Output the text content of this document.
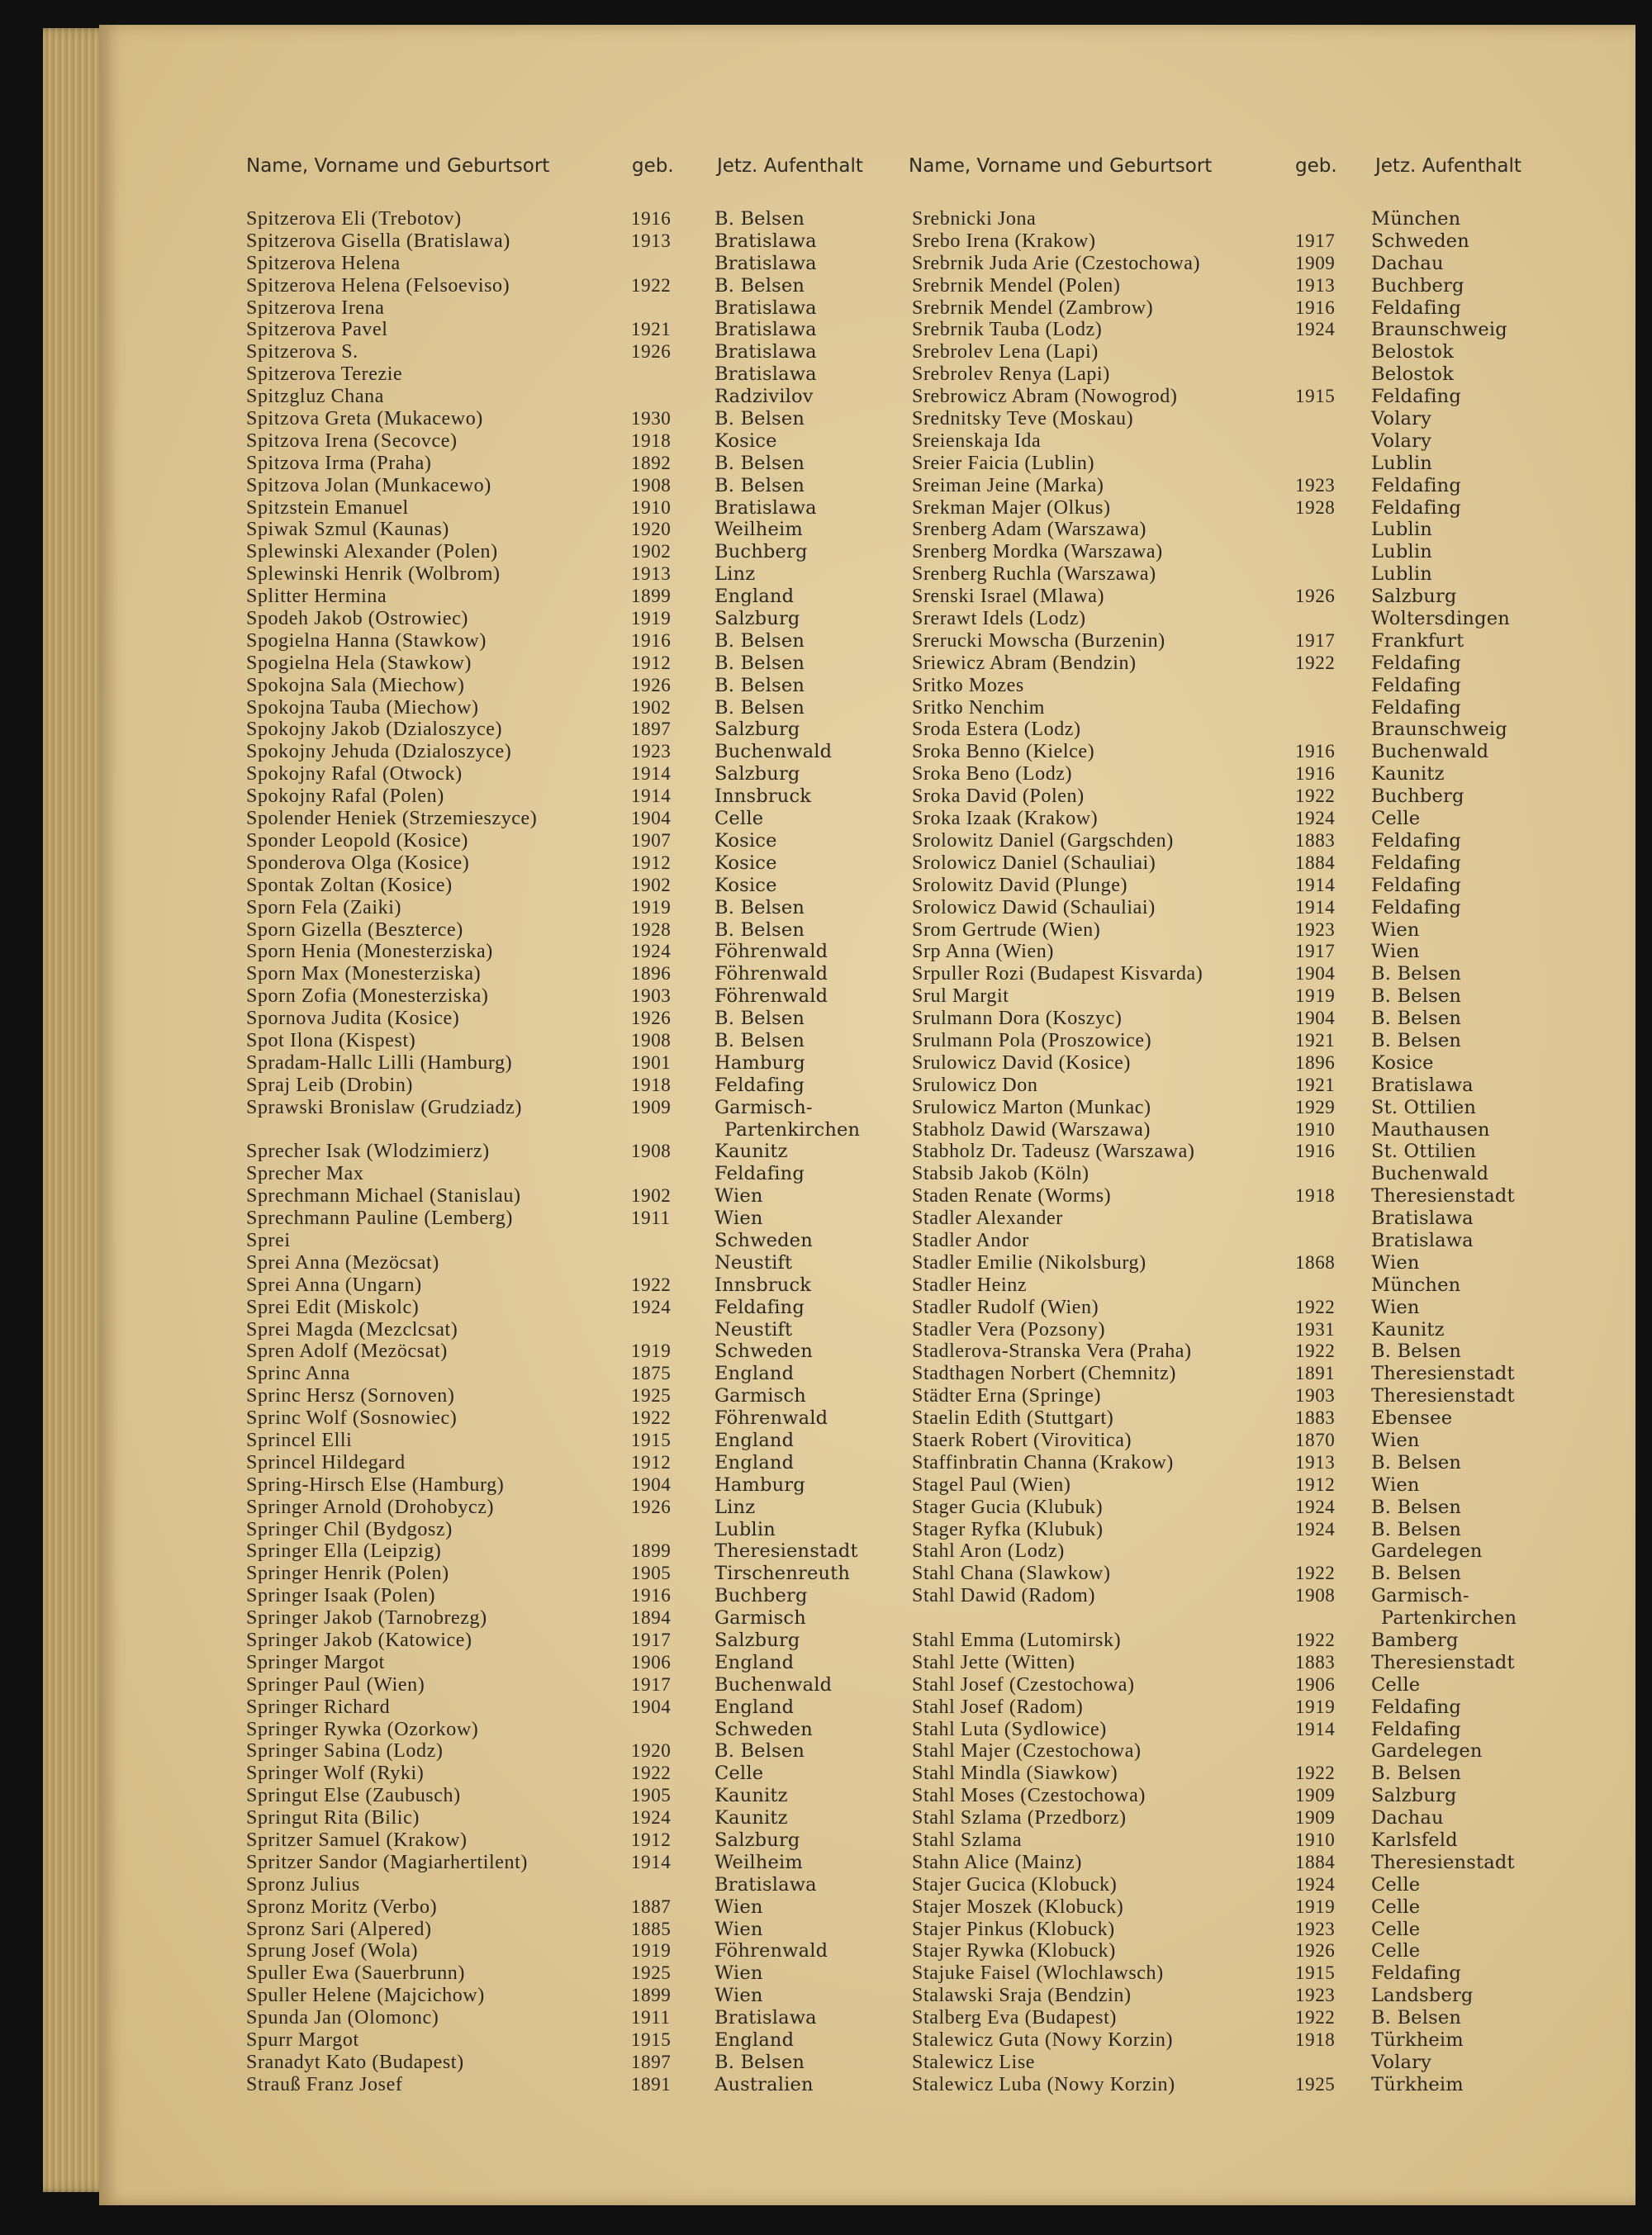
Name, Vorname und Geburtsort	geb. Jetz. Aufenthalt Name, Vorname und Geburtsort	geb. Jetz. Aufenthalt
Spitzerova Eli (Trebotov)	1916 B. Belsen
Spitzerova Gisella (Bratislawa)	1913 Bratislawa
Spitzerova Helena	Bratislawa
Spitzerova Helena (Felsoeviso)	1922 B. Belsen
Spitzerova Irena	Bratislawa
Spitzerova Pavel	1921 Bratislawa
Spitzerova S.	1926 Bratislawa
Spitzerova Terezie	Bratislawa
Spitzgluz Chana	Radzivilov
Spitzova Greta (Mukacewo)	1930 B. Belsen
Spitzova Irena (Secovce)	1918 Kosice
Spitzova Irma (Praha)	1892 B. Belsen
Spitzova Jolan (Munkacewo)	1908 B. Belsen
Spitzstein Emanuel	1910 Bratislawa
Spiwak Szmul (Kaunas)	1920 Weilheim
Splewinski Alexander (Polen)	1902 Buchberg
Splewinski Henrik (Wolbrom)	1913 Linz
Splitter Hermina	1899 England
Spodeh Jakob (Ostrowiec)	1919 Salzburg
Spogielna Hanna (Stawkow)	1916 B. Belsen
Spogielna Hela (Stawkow)	1912 B. Belsen
Spokojna Sala (Miechow)	1926 B. Belsen
Spokojna Tauba (Miechow)	1902 B. Belsen
Spokojny Jakob (Dzialoszyce)	1897 Salzburg
Spokojny Jehuda (Dzialoszyce)	1923 Buchenwald
Spokojny Rafal (Otwock)	1914 Salzburg
Spokojny Rafal (Polen)	1914 Innsbruck
Spolender Heniek (Strzemieszyce)	1904 Celle
Sponder Leopold (Kosice)	1907 Kosice
Sponderova Olga (Kosice)	1912 Kosice
Spontak Zoltan (Kosice)	1902 Kosice
Sporn Fela (Zaiki)	1919 B. Belsen
Sporn Gizella (Beszterce)	1928 B. Belsen
Sporn Henia (Monesterziska)	1924 Föhrenwald
Sporn Max (Monesterziska)	1896 Föhrenwald
Sporn Zofia (Monesterziska)	1903 Föhrenwald
Spornova Judita (Kosice)	1926 B. Belsen
Spot Ilona (Kispest)	1908 B. Belsen
Spradam-Hallc Lilli (Hamburg)	1901 Hamburg
Spraj Leib (Drobin)	1918 Feldafing
Sprawski Bronislaw (Grudziadz)	1909 Garmisch-
Partenkirchen
Sprecher Isak (Wlodzimierz)	1908 Kaunitz
Sprecher Max	Feldafing
Sprechmann Michael (Stanislau)	1902 Wien
Sprechmann Pauline (Lemberg)	1911 Wien
Sprei	Schweden
Sprei Anna (Mezöcsat)	Neustift
Sprei Anna (Ungarn)	1922 Innsbruck
Sprei Edit (Miskolc)	1924 Feldafing
Sprei Magda (Mezclcsat)	Neustift
Spren Adolf (Mezöcsat)	1919 Schweden
Sprinc Anna	1875 England
Sprinc Hersz (Sornoven)	1925 Garmisch
Sprinc Wolf (Sosnowiec)	1922 Föhrenwald
Sprincel Elli	1915 England
Sprincel Hildegard	1912 England
Spring-Hirsch Else (Hamburg)	1904 Hamburg
Springer Arnold (Drohobycz)	1926 Linz
Springer Chil (Bydgosz)	Lublin
Springer Ella (Leipzig)	1899 Theresienstadt
Springer Henrik (Polen)	1905 Tirschenreuth
Springer Isaak (Polen)	1916 Buchberg
Springer Jakob (Tarnobrezg)	1894 Garmisch
Springer Jakob (Katowice)	1917 Salzburg
Springer Margot	1906 England
Springer Paul (Wien)	1917 Buchenwald
Springer Richard	1904 England
Springer Rywka (Ozorkow)	Schweden
Springer Sabina (Lodz)	1920 B. Belsen
Springer Wolf (Ryki)	1922 Celle
Springut Else (Zaubusch)	1905 Kaunitz
Springut Rita (Bilic)	1924 Kaunitz
Spritzer Samuel (Krakow)	1912 Salzburg
Spritzer Sandor (Magiarhertilent)	1914 Weilheim
Spronz Julius	Bratislawa
Spronz Moritz (Verbo)	1887 Wien
Spronz Sari (Alpered)	1885 Wien
Sprung Josef (Wola)	1919 Föhrenwald
Spuller Ewa (Sauerbrunn)	1925 Wien
Spuller Helene (Majcichow)	1899 Wien
Spunda Jan (Olomonc)	1911 Bratislawa
Spurr Margot	1915 England
Sranadyt Kato (Budapest)	1897 B. Belsen
Strauß Franz Josef	1891 Australien
Srebnicki Jona	München
Srebo Irena (Krakow)	1917 Schweden
Srebrnik Juda Arie (Czestochowa)	1909 Dachau
Srebrnik Mendel (Polen)	1913 Buchberg
Srebrnik Mendel (Zambrow)	1916 Feldafing
Srebrnik Tauba (Lodz)	1924 Braunschweig
Srebrolev Lena (Lapi)	Belostok
Srebrolev Renya (Lapi)	Belostok
Srebrowicz Abram (Nowogrod)	1915 Feldafing
Srednitsky Teve (Moskau)	Volary
Sreienskaja Ida	Volary
Sreier Faicia (Lublin)	Lublin
Sreiman Jeine (Marka)	1923 Feldafing
Srekman Majer (Olkus)	1928 Feldafing
Srenberg Adam (Warszawa)	Lublin
Srenberg Mordka (Warszawa)	Lublin
Srenberg Ruchla (Warszawa)	Lublin
Srenski Israel (Mlawa)	1926 Salzburg
Srerawt Idels (Lodz)	Woltersdingen
Srerucki Mowscha (Burzenin)	1917 Frankfurt
Sriewicz Abram (Bendzin)	1922 Feldafing
Sritko Mozes	Feldafing
Sritko Nenchim	Feldafing
Sroda Estera (Lodz)	Braunschweig
Sroka Benno (Kielce)	1916 Buchenwald
Sroka Beno (Lodz)	1916 Kaunitz
Sroka David (Polen)	1922 Buchberg
Sroka Izaak (Krakow)	1924 Celle
Srolowitz Daniel (Gargschden)	1883 Feldafing
Srolowicz Daniel (Schauliai)	1884 Feldafing
Srolowitz David (Plunge)	1914 Feldafing
Srolowicz Dawid (Schauliai)	1914 Feldafing
Srom Gertrude (Wien)	1923 Wien
Srp Anna (Wien)	1917 Wien
Srpuller Rozi (Budapest Kisvarda)	1904 B. Belsen
Srul Margit	1919 B. Belsen
Srulmann Dora (Koszyc)	1904 B. Belsen
Srulmann Pola (Proszowice)	1921 B. Belsen
Srulowicz David (Kosice)	1896 Kosice
Srulowicz Don	1921 Bratislawa
Srulowicz Marton (Munkac)	1929 St. Ottilien
Stabholz Dawid (Warszawa)	1910 Mauthausen
Stabholz Dr. Tadeusz (Warszawa)	1916 St. Ottilien
Stabsib Jakob (Köln)	Buchenwald
Staden Renate (Worms)	1918 Theresienstadt
Stadler Alexander	Bratislawa
Stadler Andor	Bratislawa
Stadler Emilie (Nikolsburg)	1868 Wien
Stadler Heinz	München
Stadler Rudolf (Wien)	1922 Wien
Stadler Vera (Pozsony)	1931 Kaunitz
Stadlerova-Stranska Vera (Praha)	1922 B. Belsen
Stadthagen Norbert (Chemnitz)	1891 Theresienstadt
Städter Erna (Springe)	1903 Theresienstadt
Staelin Edith (Stuttgart)	1883 Ebensee
Staerk Robert (Virovitica)	1870 Wien
Staffinbratin Channa (Krakow)	1913 B. Belsen
Stagel Paul (Wien)	1912 Wien
Stager Gucia (Klubuk)	1924 B. Belsen
Stager Ryfka (Klubuk)	1924 B. Belsen
Stahl Aron (Lodz)	Gardelegen
Stahl Chana (Slawkow)	1922 B. Belsen
Stahl Dawid (Radom)	1908 Garmisch-
Partenkirchen
Stahl Emma (Lutomirsk)	1922 Bamberg
Stahl Jette (Witten)	1883 Theresienstadt
Stahl Josef (Czestochowa)	1906 Celle
Stahl Josef (Radom)	1919 Feldafing
Stahl Luta (Sydlowice)	1914 Feldafing
Stahl Majer (Czestochowa)	Gardelegen
Stahl Mindla (Siawkow)	1922 B. Belsen
Stahl Moses (Czestochowa)	1909 Salzburg
Stahl Szlama (Przedborz)	1909 Dachau
Stahl Szlama	1910 Karlsfeld
Stahn Alice (Mainz)	1884 Theresienstadt
Stajer Gucica (Klobuck)	1924 Celle
Stajer Moszek (Klobuck)	1919 Celle
Stajer Pinkus (Klobuck)	1923 Celle
Stajer Rywka (Klobuck)	1926 Celle
Stajuke Faisel (Wlochlawsch)	1915 Feldafing
Stalawski Sraja (Bendzin)	1923 Landsberg
Stalberg Eva (Budapest)	1922 B. Belsen
Stalewicz Guta (Nowy Korzin)	1918 Türkheim
Stalewicz Lise	Volary
Stalewicz Luba (Nowy Korzin)	1925 Türkheim
